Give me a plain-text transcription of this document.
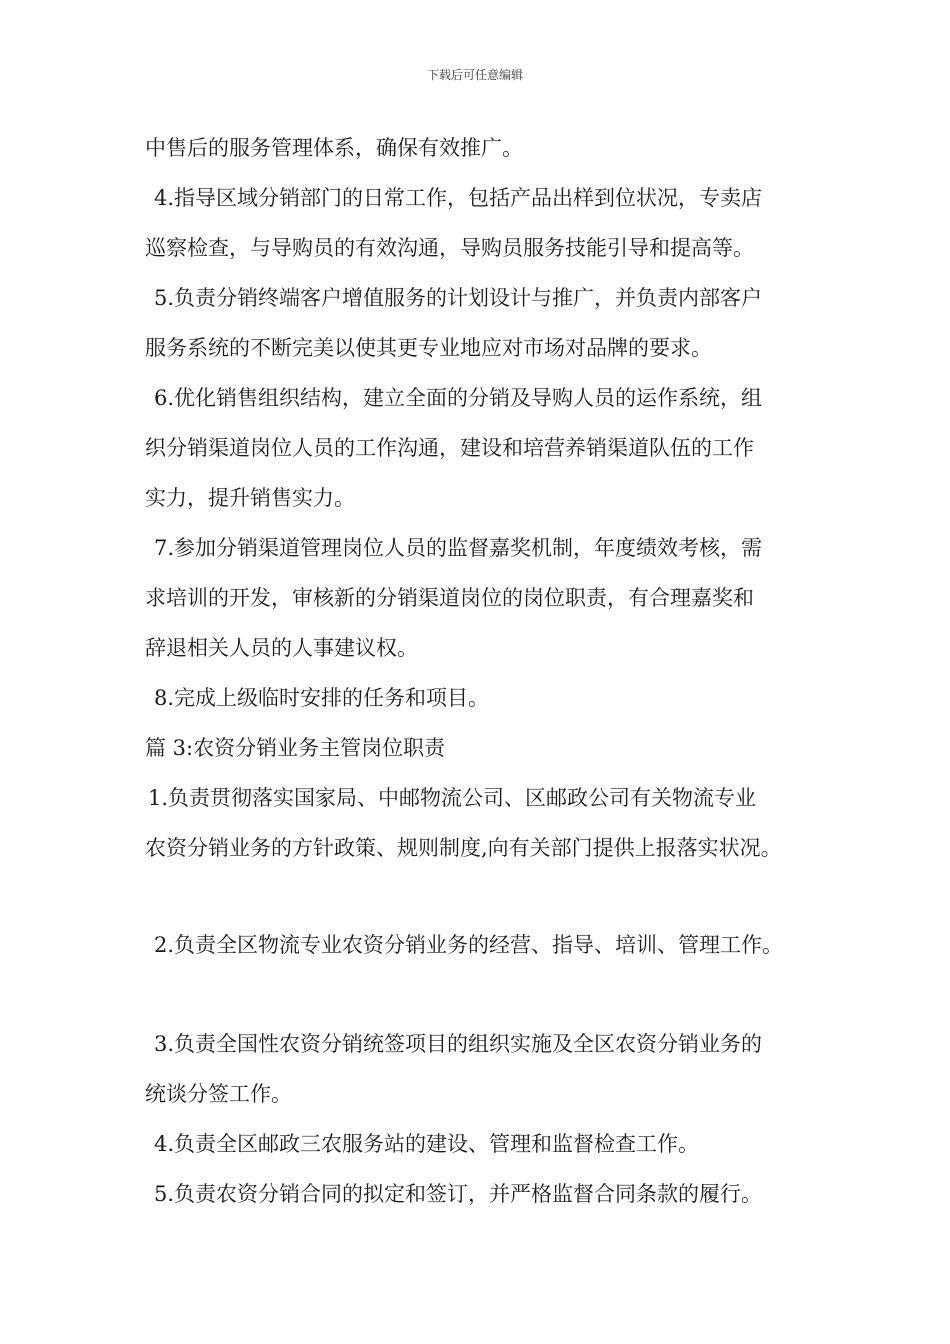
下载后可任意编辑
中售后的服务管理体系，确保有效推广。
4.指导区域分销部门的日常工作，包括产品出样到位状况，专卖店
巡察检查，与导购员的有效沟通，导购员服务技能引导和提高等。
5.负责分销终端客户增值服务的计划设计与推广，并负责内部客户
服务系统的不断完美以使其更专业地应对市场对品牌的要求。
6.优化销售组织结构，建立全面的分销及导购人员的运作系统，组
织分销渠道岗位人员的工作沟通，建设和培营养销渠道队伍的工作
实力，提升销售实力。
7.参加分销渠道管理岗位人员的监督嘉奖机制，年度绩效考核，需
求培训的开发，审核新的分销渠道岗位的岗位职责，有合理嘉奖和
辞退相关人员的人事建议权。
8.完成上级临时安排的任务和项目。
篇 3:农资分销业务主管岗位职责
1.负责贯彻落实国家局、中邮物流公司、区邮政公司有关物流专业
农资分销业务的方针政策、规则制度,向有关部门提供上报落实状况。
2.负责全区物流专业农资分销业务的经营、指导、培训、管理工作。
3.负责全国性农资分销统签项目的组织实施及全区农资分销业务的
统谈分签工作。
4.负责全区邮政三农服务站的建设、管理和监督检查工作。
5.负责农资分销合同的拟定和签订，并严格监督合同条款的履行。
